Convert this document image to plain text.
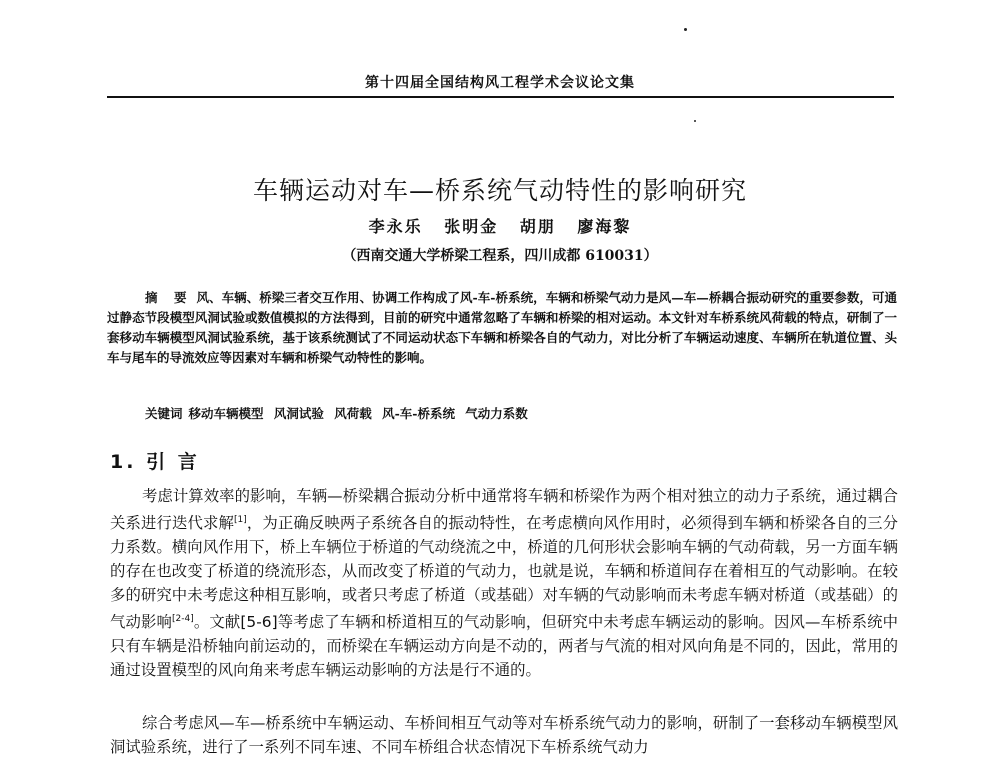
第十四届全国结构风工程学术会议论文集
车辆运动对车—桥系统气动特性的影响研究
李永乐 张明金 胡朋 廖海黎
（西南交通大学桥梁工程系，四川成都 610031）
摘 要 风、车辆、桥梁三者交互作用、协调工作构成了风-车-桥系统，车辆和桥梁气动力是风—车—桥耦合振动研究的重要参数，可通过静态节段模型风洞试验或数值模拟的方法得到，目前的研究中通常忽略了车辆和桥梁的相对运动。本文针对车桥系统风荷载的特点，研制了一套移动车辆模型风洞试验系统，基于该系统测试了不同运动状态下车辆和桥梁各自的气动力，对比分析了车辆运动速度、车辆所在轨道位置、头车与尾车的导流效应等因素对车辆和桥梁气动特性的影响。
关键词 移动车辆模型 风洞试验 风荷载 风-车-桥系统 气动力系数
1. 引 言
考虑计算效率的影响，车辆—桥梁耦合振动分析中通常将车辆和桥梁作为两个相对独立的动力子系统，通过耦合关系进行迭代求解[1]，为正确反映两子系统各自的振动特性，在考虑横向风作用时，必须得到车辆和桥梁各自的三分力系数。横向风作用下，桥上车辆位于桥道的气动绕流之中，桥道的几何形状会影响车辆的气动荷载，另一方面车辆的存在也改变了桥道的绕流形态，从而改变了桥道的气动力，也就是说，车辆和桥道间存在着相互的气动影响。在较多的研究中未考虑这种相互影响，或者只考虑了桥道（或基础）对车辆的气动影响而未考虑车辆对桥道（或基础）的气动影响[2-4]。文献[5-6]等考虑了车辆和桥道相互的气动影响，但研究中未考虑车辆运动的影响。因风—车桥系统中只有车辆是沿桥轴向前运动的，而桥梁在车辆运动方向是不动的，两者与气流的相对风向角是不同的，因此，常用的通过设置模型的风向角来考虑车辆运动影响的方法是行不通的。
综合考虑风—车—桥系统中车辆运动、车桥间相互气动等对车桥系统气动力的影响，研制了一套移动车辆模型风洞试验系统，进行了一系列不同车速、不同车桥组合状态情况下车桥系统气动力
